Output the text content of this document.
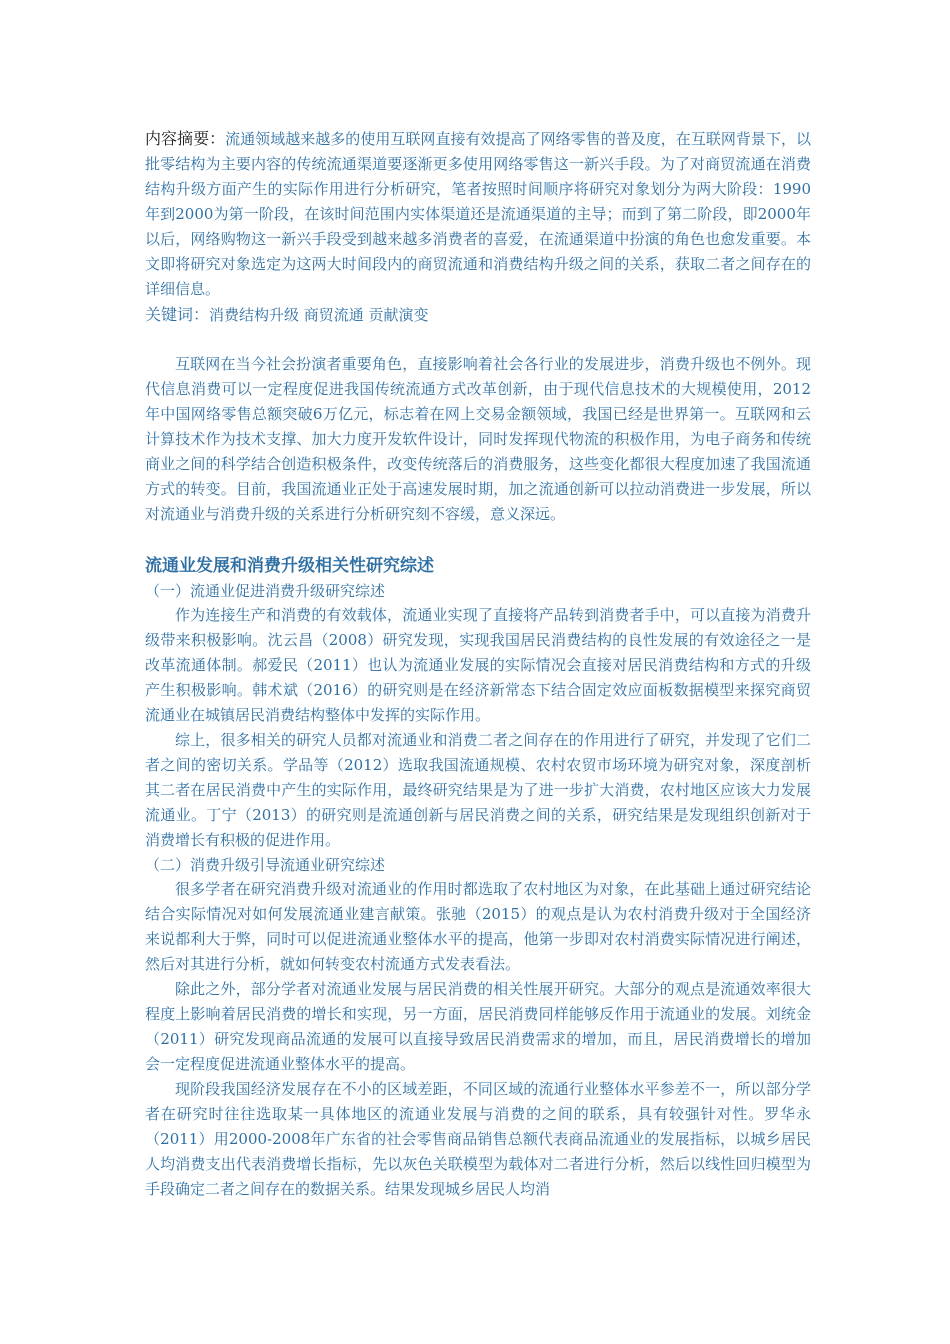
内容摘要：流通领域越来越多的使用互联网直接有效提高了网络零售的普及度，在互联网背景下，以批零结构为主要内容的传统流通渠道要逐渐更多使用网络零售这一新兴手段。为了对商贸流通在消费结构升级方面产生的实际作用进行分析研究，笔者按照时间顺序将研究对象划分为两大阶段：1990年到2000为第一阶段，在该时间范围内实体渠道还是流通渠道的主导；而到了第二阶段，即2000年以后，网络购物这一新兴手段受到越来越多消费者的喜爱，在流通渠道中扮演的角色也愈发重要。本文即将研究对象选定为这两大时间段内的商贸流通和消费结构升级之间的关系，获取二者之间存在的详细信息。

关键词：消费结构升级 商贸流通 贡献演变

互联网在当今社会扮演者重要角色，直接影响着社会各行业的发展进步，消费升级也不例外。现代信息消费可以一定程度促进我国传统流通方式改革创新，由于现代信息技术的大规模使用，2012年中国网络零售总额突破6万亿元，标志着在网上交易金额领域，我国已经是世界第一。互联网和云计算技术作为技术支撑、加大力度开发软件设计，同时发挥现代物流的积极作用，为电子商务和传统商业之间的科学结合创造积极条件，改变传统落后的消费服务，这些变化都很大程度加速了我国流通方式的转变。目前，我国流通业正处于高速发展时期，加之流通创新可以拉动消费进一步发展，所以对流通业与消费升级的关系进行分析研究刻不容缓，意义深远。

流通业发展和消费升级相关性研究综述

（一）流通业促进消费升级研究综述

作为连接生产和消费的有效载体，流通业实现了直接将产品转到消费者手中，可以直接为消费升级带来积极影响。沈云昌（2008）研究发现，实现我国居民消费结构的良性发展的有效途径之一是改革流通体制。郝爱民（2011）也认为流通业发展的实际情况会直接对居民消费结构和方式的升级产生积极影响。韩术斌（2016）的研究则是在经济新常态下结合固定效应面板数据模型来探究商贸流通业在城镇居民消费结构整体中发挥的实际作用。

综上，很多相关的研究人员都对流通业和消费二者之间存在的作用进行了研究，并发现了它们二者之间的密切关系。学品等（2012）选取我国流通规模、农村农贸市场环境为研究对象，深度剖析其二者在居民消费中产生的实际作用，最终研究结果是为了进一步扩大消费，农村地区应该大力发展流通业。丁宁（2013）的研究则是流通创新与居民消费之间的关系，研究结果是发现组织创新对于消费增长有积极的促进作用。

（二）消费升级引导流通业研究综述

很多学者在研究消费升级对流通业的作用时都选取了农村地区为对象，在此基础上通过研究结论结合实际情况对如何发展流通业建言献策。张驰（2015）的观点是认为农村消费升级对于全国经济来说都利大于弊，同时可以促进流通业整体水平的提高，他第一步即对农村消费实际情况进行阐述，然后对其进行分析，就如何转变农村流通方式发表看法。

除此之外，部分学者对流通业发展与居民消费的相关性展开研究。大部分的观点是流通效率很大程度上影响着居民消费的增长和实现，另一方面，居民消费同样能够反作用于流通业的发展。刘统金（2011）研究发现商品流通的发展可以直接导致居民消费需求的增加，而且，居民消费增长的增加会一定程度促进流通业整体水平的提高。

现阶段我国经济发展存在不小的区域差距，不同区域的流通行业整体水平参差不一，所以部分学者在研究时往往选取某一具体地区的流通业发展与消费的之间的联系，具有较强针对性。罗华永（2011）用2000-2008年广东省的社会零售商品销售总额代表商品流通业的发展指标，以城乡居民人均消费支出代表消费增长指标，先以灰色关联模型为载体对二者进行分析，然后以线性回归模型为手段确定二者之间存在的数据关系。结果发现城乡居民人均消
